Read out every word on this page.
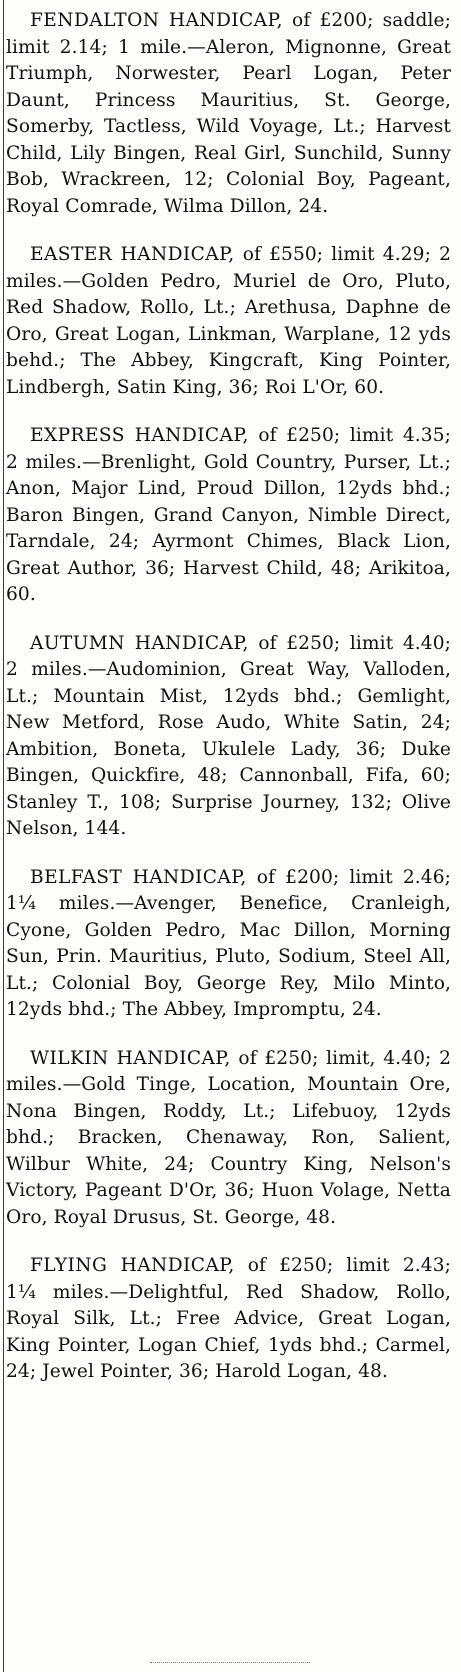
FENDALTON HANDICAP, of £200; saddle; limit 2.14; 1 mile.—Aleron, Mignonne, Great Triumph, Norwester, Pearl Logan, Peter Daunt, Princess Mauritius, St. George, Somerby, Tactless, Wild Voyage, Lt.; Harvest Child, Lily Bingen, Real Girl, Sunchild, Sunny Bob, Wrackreen, 12; Colonial Boy, Pageant, Royal Comrade, Wilma Dillon, 24.

EASTER HANDICAP, of £550; limit 4.29; 2 miles.—Golden Pedro, Muriel de Oro, Pluto, Red Shadow, Rollo, Lt.; Arethusa, Daphne de Oro, Great Logan, Linkman, Warplane, 12 yds behd.; The Abbey, Kingcraft, King Pointer, Lindbergh, Satin King, 36; Roi L'Or, 60.

EXPRESS HANDICAP, of £250; limit 4.35; 2 miles.—Brenlight, Gold Country, Purser, Lt.; Anon, Major Lind, Proud Dillon, 12yds bhd.; Baron Bingen, Grand Canyon, Nimble Direct, Tarndale, 24; Ayrmont Chimes, Black Lion, Great Author, 36; Harvest Child, 48; Arikitoa, 60.

AUTUMN HANDICAP, of £250; limit 4.40; 2 miles.—Audominion, Great Way, Valloden, Lt.; Mountain Mist, 12yds bhd.; Gemlight, New Metford, Rose Audo, White Satin, 24; Ambition, Boneta, Ukulele Lady, 36; Duke Bingen, Quickfire, 48; Cannonball, Fifa, 60; Stanley T., 108; Surprise Journey, 132; Olive Nelson, 144.

BELFAST HANDICAP, of £200; limit 2.46; 1¼ miles.—Avenger, Benefice, Cranleigh, Cyone, Golden Pedro, Mac Dillon, Morning Sun, Prin. Mauritius, Pluto, Sodium, Steel All, Lt.; Colonial Boy, George Rey, Milo Minto, 12yds bhd.; The Abbey, Impromptu, 24.

WILKIN HANDICAP, of £250; limit, 4.40; 2 miles.—Gold Tinge, Location, Mountain Ore, Nona Bingen, Roddy, Lt.; Lifebuoy, 12yds bhd.; Bracken, Chenaway, Ron, Salient, Wilbur White, 24; Country King, Nelson's Victory, Pageant D'Or, 36; Huon Volage, Netta Oro, Royal Drusus, St. George, 48.

FLYING HANDICAP, of £250; limit 2.43; 1¼ miles.—Delightful, Red Shadow, Rollo, Royal Silk, Lt.; Free Advice, Great Logan, King Pointer, Logan Chief, 1yds bhd.; Carmel, 24; Jewel Pointer, 36; Harold Logan, 48.
